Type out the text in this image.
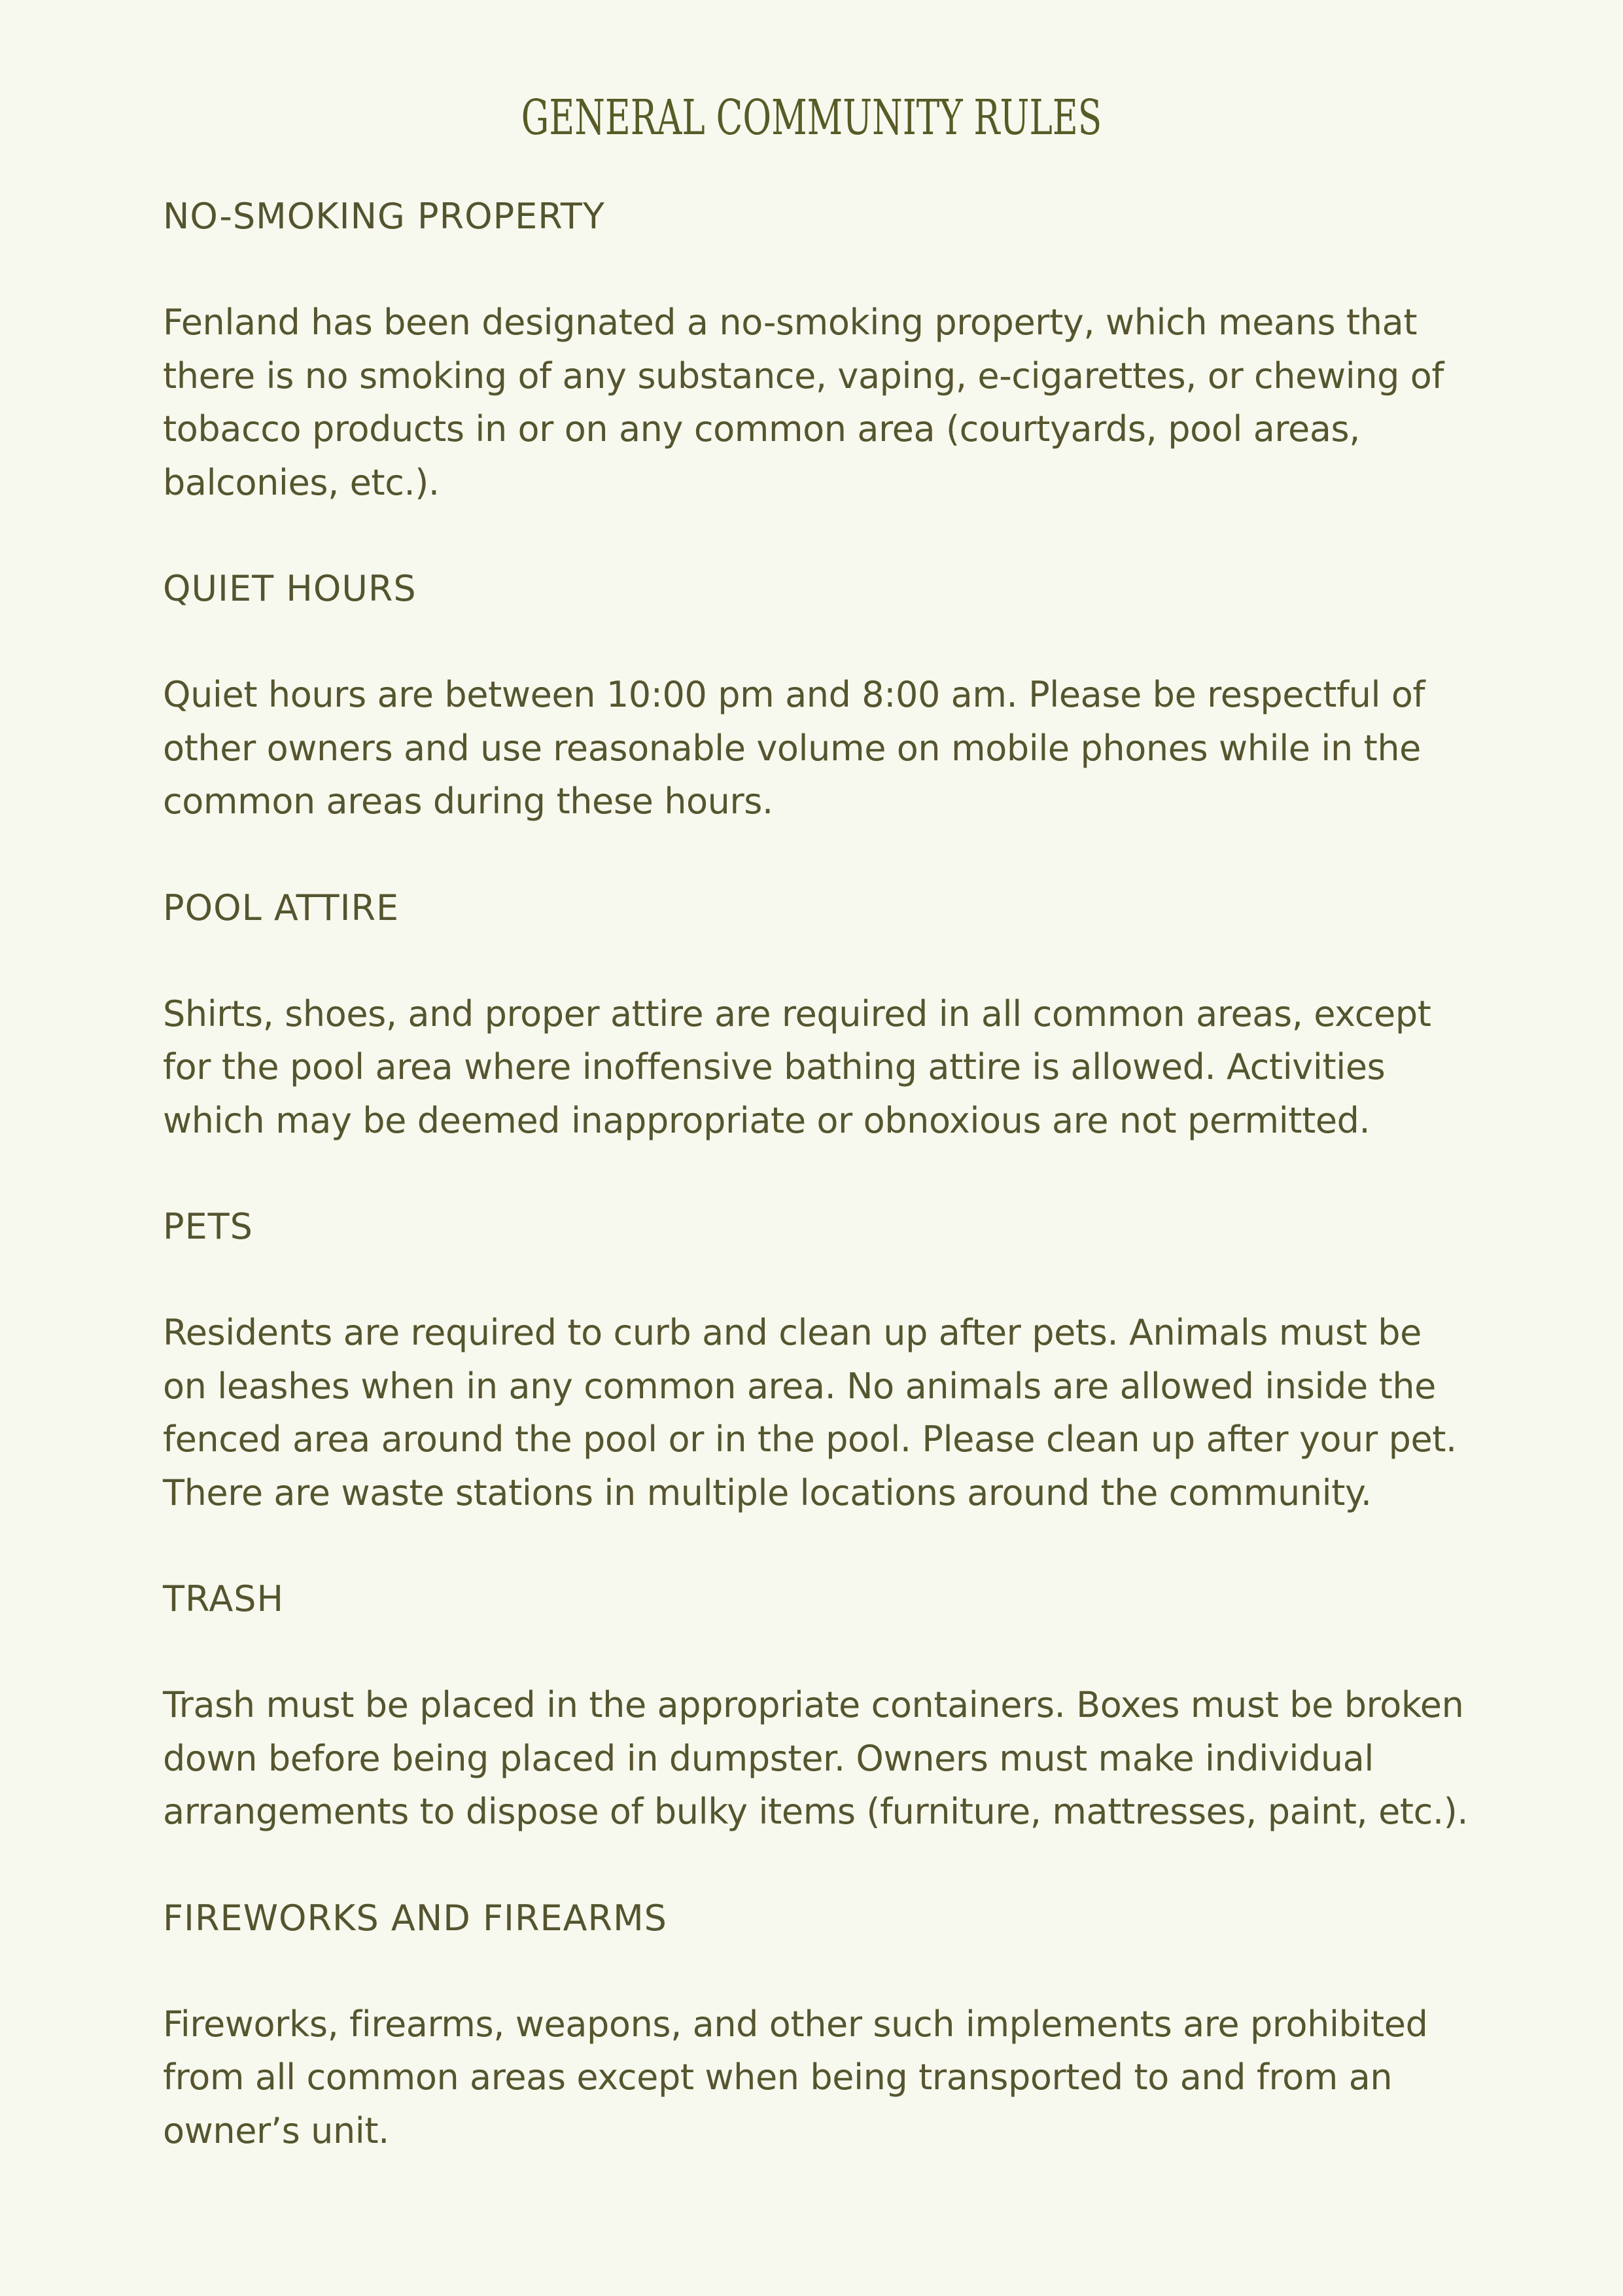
GENERAL COMMUNITY RULES
NO-SMOKING PROPERTY

Fenland has been designated a no-smoking property, which means that there is no smoking of any substance, vaping, e-cigarettes, or chewing of tobacco products in or on any common area (courtyards, pool areas, balconies, etc.).

QUIET HOURS

Quiet hours are between 10:00 pm and 8:00 am. Please be respectful of other owners and use reasonable volume on mobile phones while in the common areas during these hours.

POOL ATTIRE

Shirts, shoes, and proper attire are required in all common areas, except for the pool area where inoffensive bathing attire is allowed. Activities which may be deemed inappropriate or obnoxious are not permitted.

PETS

Residents are required to curb and clean up after pets. Animals must be on leashes when in any common area. No animals are allowed inside the fenced area around the pool or in the pool. Please clean up after your pet. There are waste stations in multiple locations around the community.

TRASH

Trash must be placed in the appropriate containers. Boxes must be broken down before being placed in dumpster. Owners must make individual arrangements to dispose of bulky items (furniture, mattresses, paint, etc.).

FIREWORKS AND FIREARMS

Fireworks, firearms, weapons, and other such implements are prohibited from all common areas except when being transported to and from an owner’s unit.
